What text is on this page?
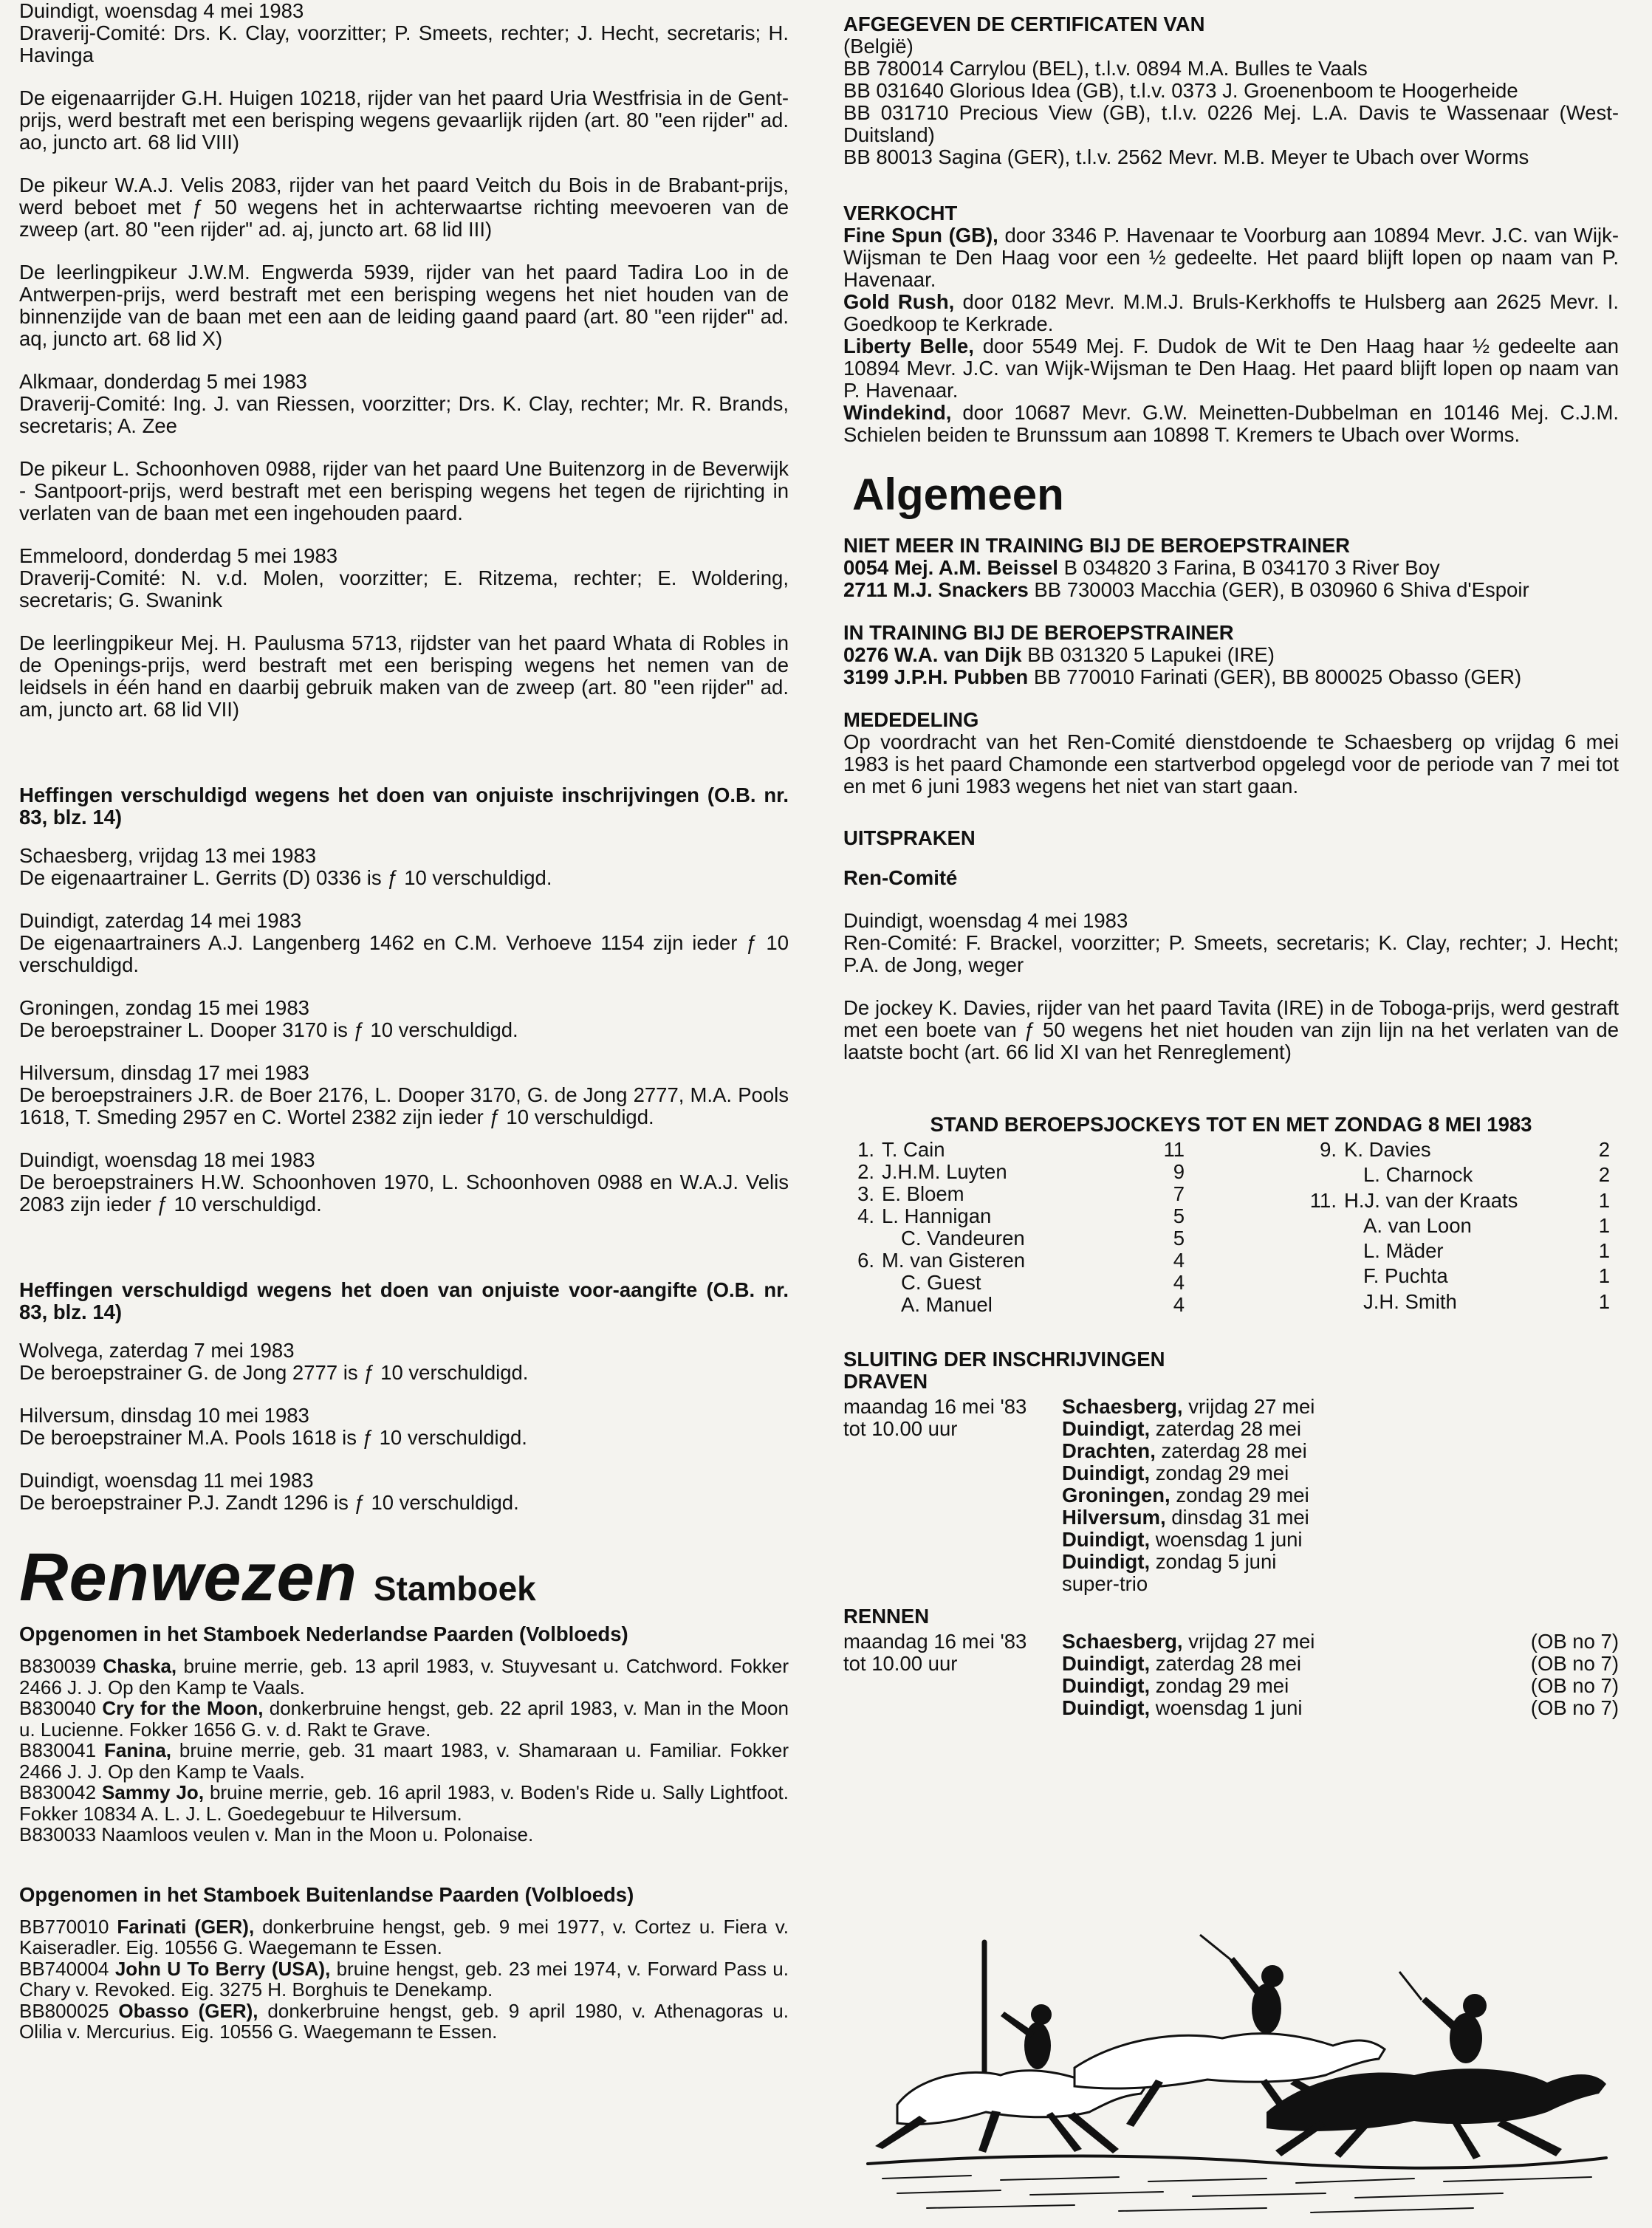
Duindigt, woensdag 4 mei 1983
Draverij-Comité: Drs. K. Clay, voorzitter; P. Smeets, rechter; J. Hecht, secretaris; H. Havinga

De eigenaarrijder G.H. Huigen 10218, rijder van het paard Uria Westfrisia in de Gent-prijs, werd bestraft met een berisping wegens gevaarlijk rijden (art. 80 "een rijder" ad. ao, juncto art. 68 lid VIII)

De pikeur W.A.J. Velis 2083, rijder van het paard Veitch du Bois in de Brabant-prijs, werd beboet met ƒ 50 wegens het in achterwaartse richting meevoeren van de zweep (art. 80 "een rijder" ad. aj, juncto art. 68 lid III)

De leerlingpikeur J.W.M. Engwerda 5939, rijder van het paard Tadira Loo in de Antwerpen-prijs, werd bestraft met een berisping wegens het niet houden van de binnenzijde van de baan met een aan de leiding gaand paard (art. 80 "een rijder" ad. aq, juncto art. 68 lid X)

Alkmaar, donderdag 5 mei 1983
Draverij-Comité: Ing. J. van Riessen, voorzitter; Drs. K. Clay, rechter; Mr. R. Brands, secretaris; A. Zee

De pikeur L. Schoonhoven 0988, rijder van het paard Une Buitenzorg in de Beverwijk - Santpoort-prijs, werd bestraft met een berisping wegens het tegen de rijrichting in verlaten van de baan met een ingehouden paard.

Emmeloord, donderdag 5 mei 1983
Draverij-Comité: N. v.d. Molen, voorzitter; E. Ritzema, rechter; E. Woldering, secretaris; G. Swanink

De leerlingpikeur Mej. H. Paulusma 5713, rijdster van het paard Whata di Robles in de Openings-prijs, werd bestraft met een berisping wegens het nemen van de leidsels in één hand en daarbij gebruik maken van de zweep (art. 80 "een rijder" ad. am, juncto art. 68 lid VII)

Heffingen verschuldigd wegens het doen van onjuiste inschrijvingen (O.B. nr. 83, blz. 14)

Schaesberg, vrijdag 13 mei 1983
De eigenaartrainer L. Gerrits (D) 0336 is ƒ 10 verschuldigd.

Duindigt, zaterdag 14 mei 1983
De eigenaartrainers A.J. Langenberg 1462 en C.M. Verhoeve 1154 zijn ieder ƒ 10 verschuldigd.

Groningen, zondag 15 mei 1983
De beroepstrainer L. Dooper 3170 is ƒ 10 verschuldigd.

Hilversum, dinsdag 17 mei 1983
De beroepstrainers J.R. de Boer 2176, L. Dooper 3170, G. de Jong 2777, M.A. Pools 1618, T. Smeding 2957 en C. Wortel 2382 zijn ieder ƒ 10 verschuldigd.

Duindigt, woensdag 18 mei 1983
De beroepstrainers H.W. Schoonhoven 1970, L. Schoonhoven 0988 en W.A.J. Velis 2083 zijn ieder ƒ 10 verschuldigd.

Heffingen verschuldigd wegens het doen van onjuiste voor-aangifte (O.B. nr. 83, blz. 14)

Wolvega, zaterdag 7 mei 1983
De beroepstrainer G. de Jong 2777 is ƒ 10 verschuldigd.

Hilversum, dinsdag 10 mei 1983
De beroepstrainer M.A. Pools 1618 is ƒ 10 verschuldigd.

Duindigt, woensdag 11 mei 1983
De beroepstrainer P.J. Zandt 1296 is ƒ 10 verschuldigd.

Renwezen Stamboek

Opgenomen in het Stamboek Nederlandse Paarden (Volbloeds)

B830039 Chaska, bruine merrie, geb. 13 april 1983, v. Stuyvesant u. Catchword. Fokker 2466 J. J. Op den Kamp te Vaals.
B830040 Cry for the Moon, donkerbruine hengst, geb. 22 april 1983, v. Man in the Moon u. Lucienne. Fokker 1656 G. v. d. Rakt te Grave.
B830041 Fanina, bruine merrie, geb. 31 maart 1983, v. Shamaraan u. Familiar. Fokker 2466 J. J. Op den Kamp te Vaals.
B830042 Sammy Jo, bruine merrie, geb. 16 april 1983, v. Boden's Ride u. Sally Lightfoot. Fokker 10834 A. L. J. L. Goedegebuur te Hilversum.
B830033 Naamloos veulen v. Man in the Moon u. Polonaise.

Opgenomen in het Stamboek Buitenlandse Paarden (Volbloeds)

BB770010 Farinati (GER), donkerbruine hengst, geb. 9 mei 1977, v. Cortez u. Fiera v. Kaiseradler. Eig. 10556 G. Waegemann te Essen.
BB740004 John U To Berry (USA), bruine hengst, geb. 23 mei 1974, v. Forward Pass u. Chary v. Revoked. Eig. 3275 H. Borghuis te Denekamp.
BB800025 Obasso (GER), donkerbruine hengst, geb. 9 april 1980, v. Athenagoras u. Olilia v. Mercurius. Eig. 10556 G. Waegemann te Essen.

AFGEGEVEN DE CERTIFICATEN VAN

(België)
BB 780014 Carrylou (BEL), t.l.v. 0894 M.A. Bulles te Vaals
BB 031640 Glorious Idea (GB), t.l.v. 0373 J. Groenenboom te Hoogerheide
BB 031710 Precious View (GB), t.l.v. 0226 Mej. L.A. Davis te Wassenaar (West-Duitsland)
BB 80013 Sagina (GER), t.l.v. 2562 Mevr. M.B. Meyer te Ubach over Worms

VERKOCHT

Fine Spun (GB), door 3346 P. Havenaar te Voorburg aan 10894 Mevr. J.C. van Wijk-Wijsman te Den Haag voor een ½ gedeelte. Het paard blijft lopen op naam van P. Havenaar.
Gold Rush, door 0182 Mevr. M.M.J. Bruls-Kerkhoffs te Hulsberg aan 2625 Mevr. I. Goedkoop te Kerkrade.
Liberty Belle, door 5549 Mej. F. Dudok de Wit te Den Haag haar ½ gedeelte aan 10894 Mevr. J.C. van Wijk-Wijsman te Den Haag. Het paard blijft lopen op naam van P. Havenaar.
Windekind, door 10687 Mevr. G.W. Meinetten-Dubbelman en 10146 Mej. C.J.M. Schielen beiden te Brunssum aan 10898 T. Kremers te Ubach over Worms.
Algemeen

NIET MEER IN TRAINING BIJ DE BEROEPSTRAINER

0054 Mej. A.M. Beissel B 034820 3 Farina, B 034170 3 River Boy
2711 M.J. Snackers BB 730003 Macchia (GER), B 030960 6 Shiva d'Espoir

IN TRAINING BIJ DE BEROEPSTRAINER

0276 W.A. van Dijk BB 031320 5 Lapukei (IRE)
3199 J.P.H. Pubben BB 770010 Farinati (GER), BB 800025 Obasso (GER)

MEDEDELING

Op voordracht van het Ren-Comité dienstdoende te Schaesberg op vrijdag 6 mei 1983 is het paard Chamonde een startverbod opgelegd voor de periode van 7 mei tot en met 6 juni 1983 wegens het niet van start gaan.

UITSPRAKEN

Ren-Comité

Duindigt, woensdag 4 mei 1983
Ren-Comité: F. Brackel, voorzitter; P. Smeets, secretaris; K. Clay, rechter; J. Hecht; P.A. de Jong, weger

De jockey K. Davies, rijder van het paard Tavita (IRE) in de Toboga-prijs, werd gestraft met een boete van ƒ 50 wegens het niet houden van zijn lijn na het verlaten van de laatste bocht (art. 66 lid XI van het Renreglement)

STAND BEROEPSJOCKEYS TOT EN MET ZONDAG 8 MEI 1983

1.	T. Cain	11
2.	J.H.M. Luyten	9
3.	E. Bloem	7
4.	L. Hannigan	5
	C. Vandeuren	5
6.	M. van Gisteren	4
	C. Guest	4
	A. Manuel	4
9.	K. Davies	2
	L. Charnock	2
11.	H.J. van der Kraats	1
	A. van Loon	1
	L. Mäder	1
	F. Puchta	1
	J.H. Smith	1

SLUITING DER INSCHRIJVINGEN

DRAVEN

maandag 16 mei '83	Schaesberg, vrijdag 27 mei
tot 10.00 uur	Duindigt, zaterdag 28 mei
	Drachten, zaterdag 28 mei
	Duindigt, zondag 29 mei
	Groningen, zondag 29 mei
	Hilversum, dinsdag 31 mei
	Duindigt, woensdag 1 juni
	Duindigt, zondag 5 juni
	super-trio

RENNEN

maandag 16 mei '83	Schaesberg, vrijdag 27 mei	(OB no 7)
tot 10.00 uur	Duindigt, zaterdag 28 mei	(OB no 7)
	Duindigt, zondag 29 mei	(OB no 7)
	Duindigt, woensdag 1 juni	(OB no 7)
